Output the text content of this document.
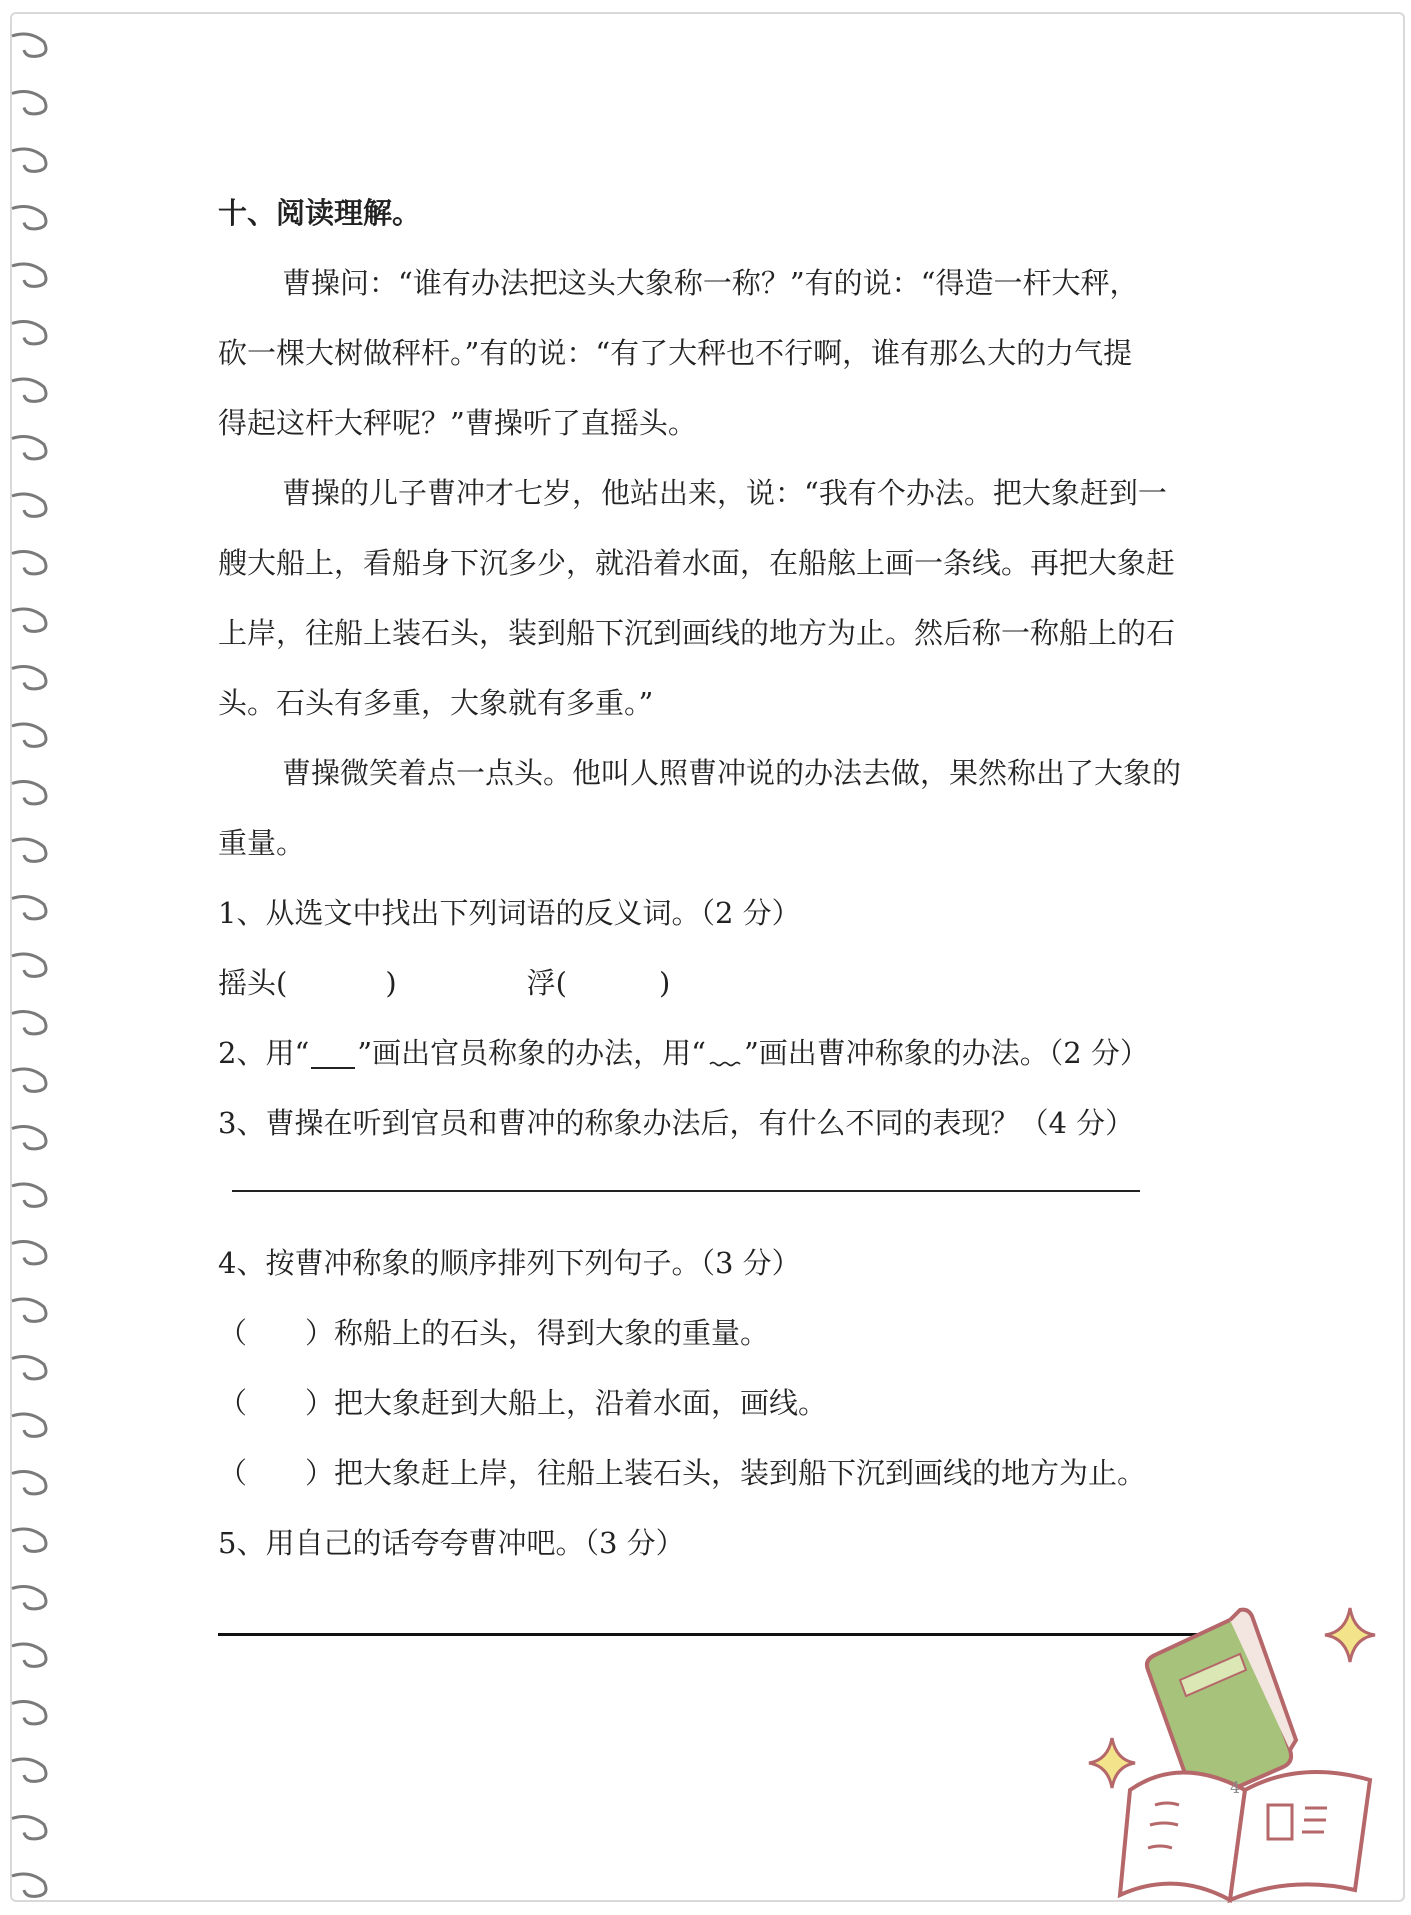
十、阅读理解。
曹操问：“谁有办法把这头大象称一称？”有的说：“得造一杆大秤，
砍一棵大树做秤杆。”有的说：“有了大秤也不行啊，谁有那么大的力气提
得起这杆大秤呢？”曹操听了直摇头。
曹操的儿子曹冲才七岁，他站出来，说：“我有个办法。把大象赶到一
艘大船上，看船身下沉多少，就沿着水面，在船舷上画一条线。再把大象赶
上岸，往船上装石头，装到船下沉到画线的地方为止。然后称一称船上的石
头。石头有多重，大象就有多重。”
曹操微笑着点一点头。他叫人照曹冲说的办法去做，果然称出了大象的
重量。
1、从选文中找出下列词语的反义词。（2 分）
摇头(	)	浮(	)
2、用“ ”画出官员称象的办法，用“ ”画出曹冲称象的办法。（2 分）
3、曹操在听到官员和曹冲的称象办法后，有什么不同的表现？（4 分）
4、按曹冲称象的顺序排列下列句子。（3 分）
（　　）称船上的石头，得到大象的重量。
（　　）把大象赶到大船上，沿着水面，画线。
（　　）把大象赶上岸，往船上装石头，装到船下沉到画线的地方为止。
5、用自己的话夸夸曹冲吧。（3 分）
4
